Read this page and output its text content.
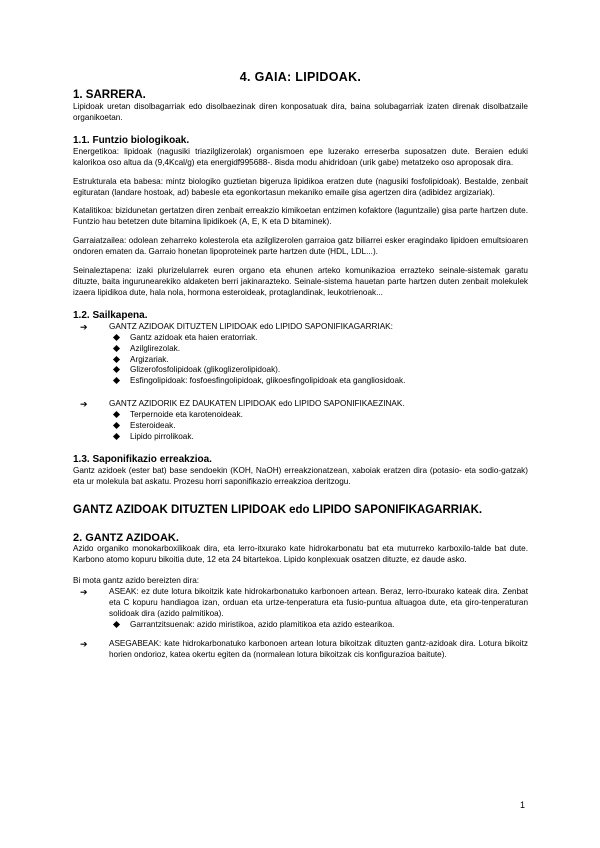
4. GAIA: LIPIDOAK.
1. SARRERA.

Lipidoak uretan disolbagarriak edo disolbaezinak diren konposatuak dira, baina solubagarriak izaten direnak disolbatzaile organikoetan.

1.1. Funtzio biologikoak.

Energetikoa: lipidoak (nagusiki triazilglizerolak) organismoen epe luzerako erreserba suposatzen dute. Beraien eduki kalorikoa oso altua da (9,4Kcal/g) eta energidf995688-. 8isda modu ahidridoan (urik gabe) metatzeko oso aproposak dira.

Estrukturala eta babesa: mintz biologiko guztietan bigeruza lipidikoa eratzen dute (nagusiki fosfolipidoak). Bestalde, zenbait egituratan (landare hostoak, ad) babesle eta egonkortasun mekaniko emaile gisa agertzen dira (adibidez argizariak).

Katalitikoa: bizidunetan gertatzen diren zenbait erreakzio kimikoetan entzimen kofaktore (laguntzaile) gisa parte hartzen dute. Funtzio hau betetzen dute bitamina lipidikoek (A, E, K eta D bitaminek).

Garraiatzailea: odolean zeharreko kolesterola eta azilglizerolen garraioa gatz biliarrei esker eragindako lipidoen emultsioaren ondoren ematen da. Garraio honetan lipoproteinek parte hartzen dute (HDL, LDL...).

Seinaleztapena: izaki plurizelularrek euren organo eta ehunen arteko komunikazioa errazteko seinale-sistemak garatu dituzte, baita ingurunearekiko aldaketen berri jakinarazteko. Seinale-sistema hauetan parte hartzen duten zenbait molekulek izaera lipidikoa dute, hala nola, hormona esteroideak, protaglandinak, leukotrienoak...

1.2. Sailkapena.
➔	GANTZ AZIDOAK DITUZTEN LIPIDOAK edo LIPIDO SAPONIFIKAGARRIAK:
Gantz azidoak eta haien eratorriak.
Azilglirezolak.
Argizariak.
Glizerofosfolipidoak (glikoglizerolipidoak).
Esfingolipidoak: fosfoesfingolipidoak, glikoesfingolipidoak eta gangliosidoak.
➔	GANTZ AZIDORIK EZ DAUKATEN LIPIDOAK edo LIPIDO SAPONIFIKAEZINAK.
Terpernoide eta karotenoideak.
Esteroideak.
Lipido pirrolikoak.
1.3. Saponifikazio erreakzioa.

Gantz azidoek (ester bat) base sendoekin (KOH, NaOH) erreakzionatzean, xaboiak eratzen dira (potasio- eta sodio-gatzak) eta ur molekula bat askatu. Prozesu horri saponifikazio erreakzioa deritzogu.

GANTZ AZIDOAK DITUZTEN LIPIDOAK edo LIPIDO SAPONIFIKAGARRIAK.
2. GANTZ AZIDOAK.

Azido organiko monokarboxilikoak dira, eta lerro-itxurako kate hidrokarbonatu bat eta muturreko karboxilo-talde bat dute. Karbono atomo kopuru bikoitia dute, 12 eta 24 bitartekoa. Lipido konplexuak osatzen dituzte, ez daude asko.

Bi mota gantz azido bereizten dira:

➔	ASEAK: ez dute lotura bikoitzik kate hidrokarbonatuko karbonoen artean. Beraz, lerro-itxurako kateak dira. Zenbat eta C kopuru handiagoa izan, orduan eta urtze-tenperatura eta fusio-puntua altuagoa dute, eta giro-tenperaturan solidoak dira (azido palmitikoa).
Garrantzitsuenak: azido miristikoa, azido plamitikoa eta azido estearikoa.
➔	ASEGABEAK: kate hidrokarbonatuko karbonoen artean lotura bikoitzak dituzten gantz-azidoak dira. Lotura bikoitz horien ondorioz, katea okertu egiten da (normalean lotura bikoitzak cis konfigurazioa baitute).
1
